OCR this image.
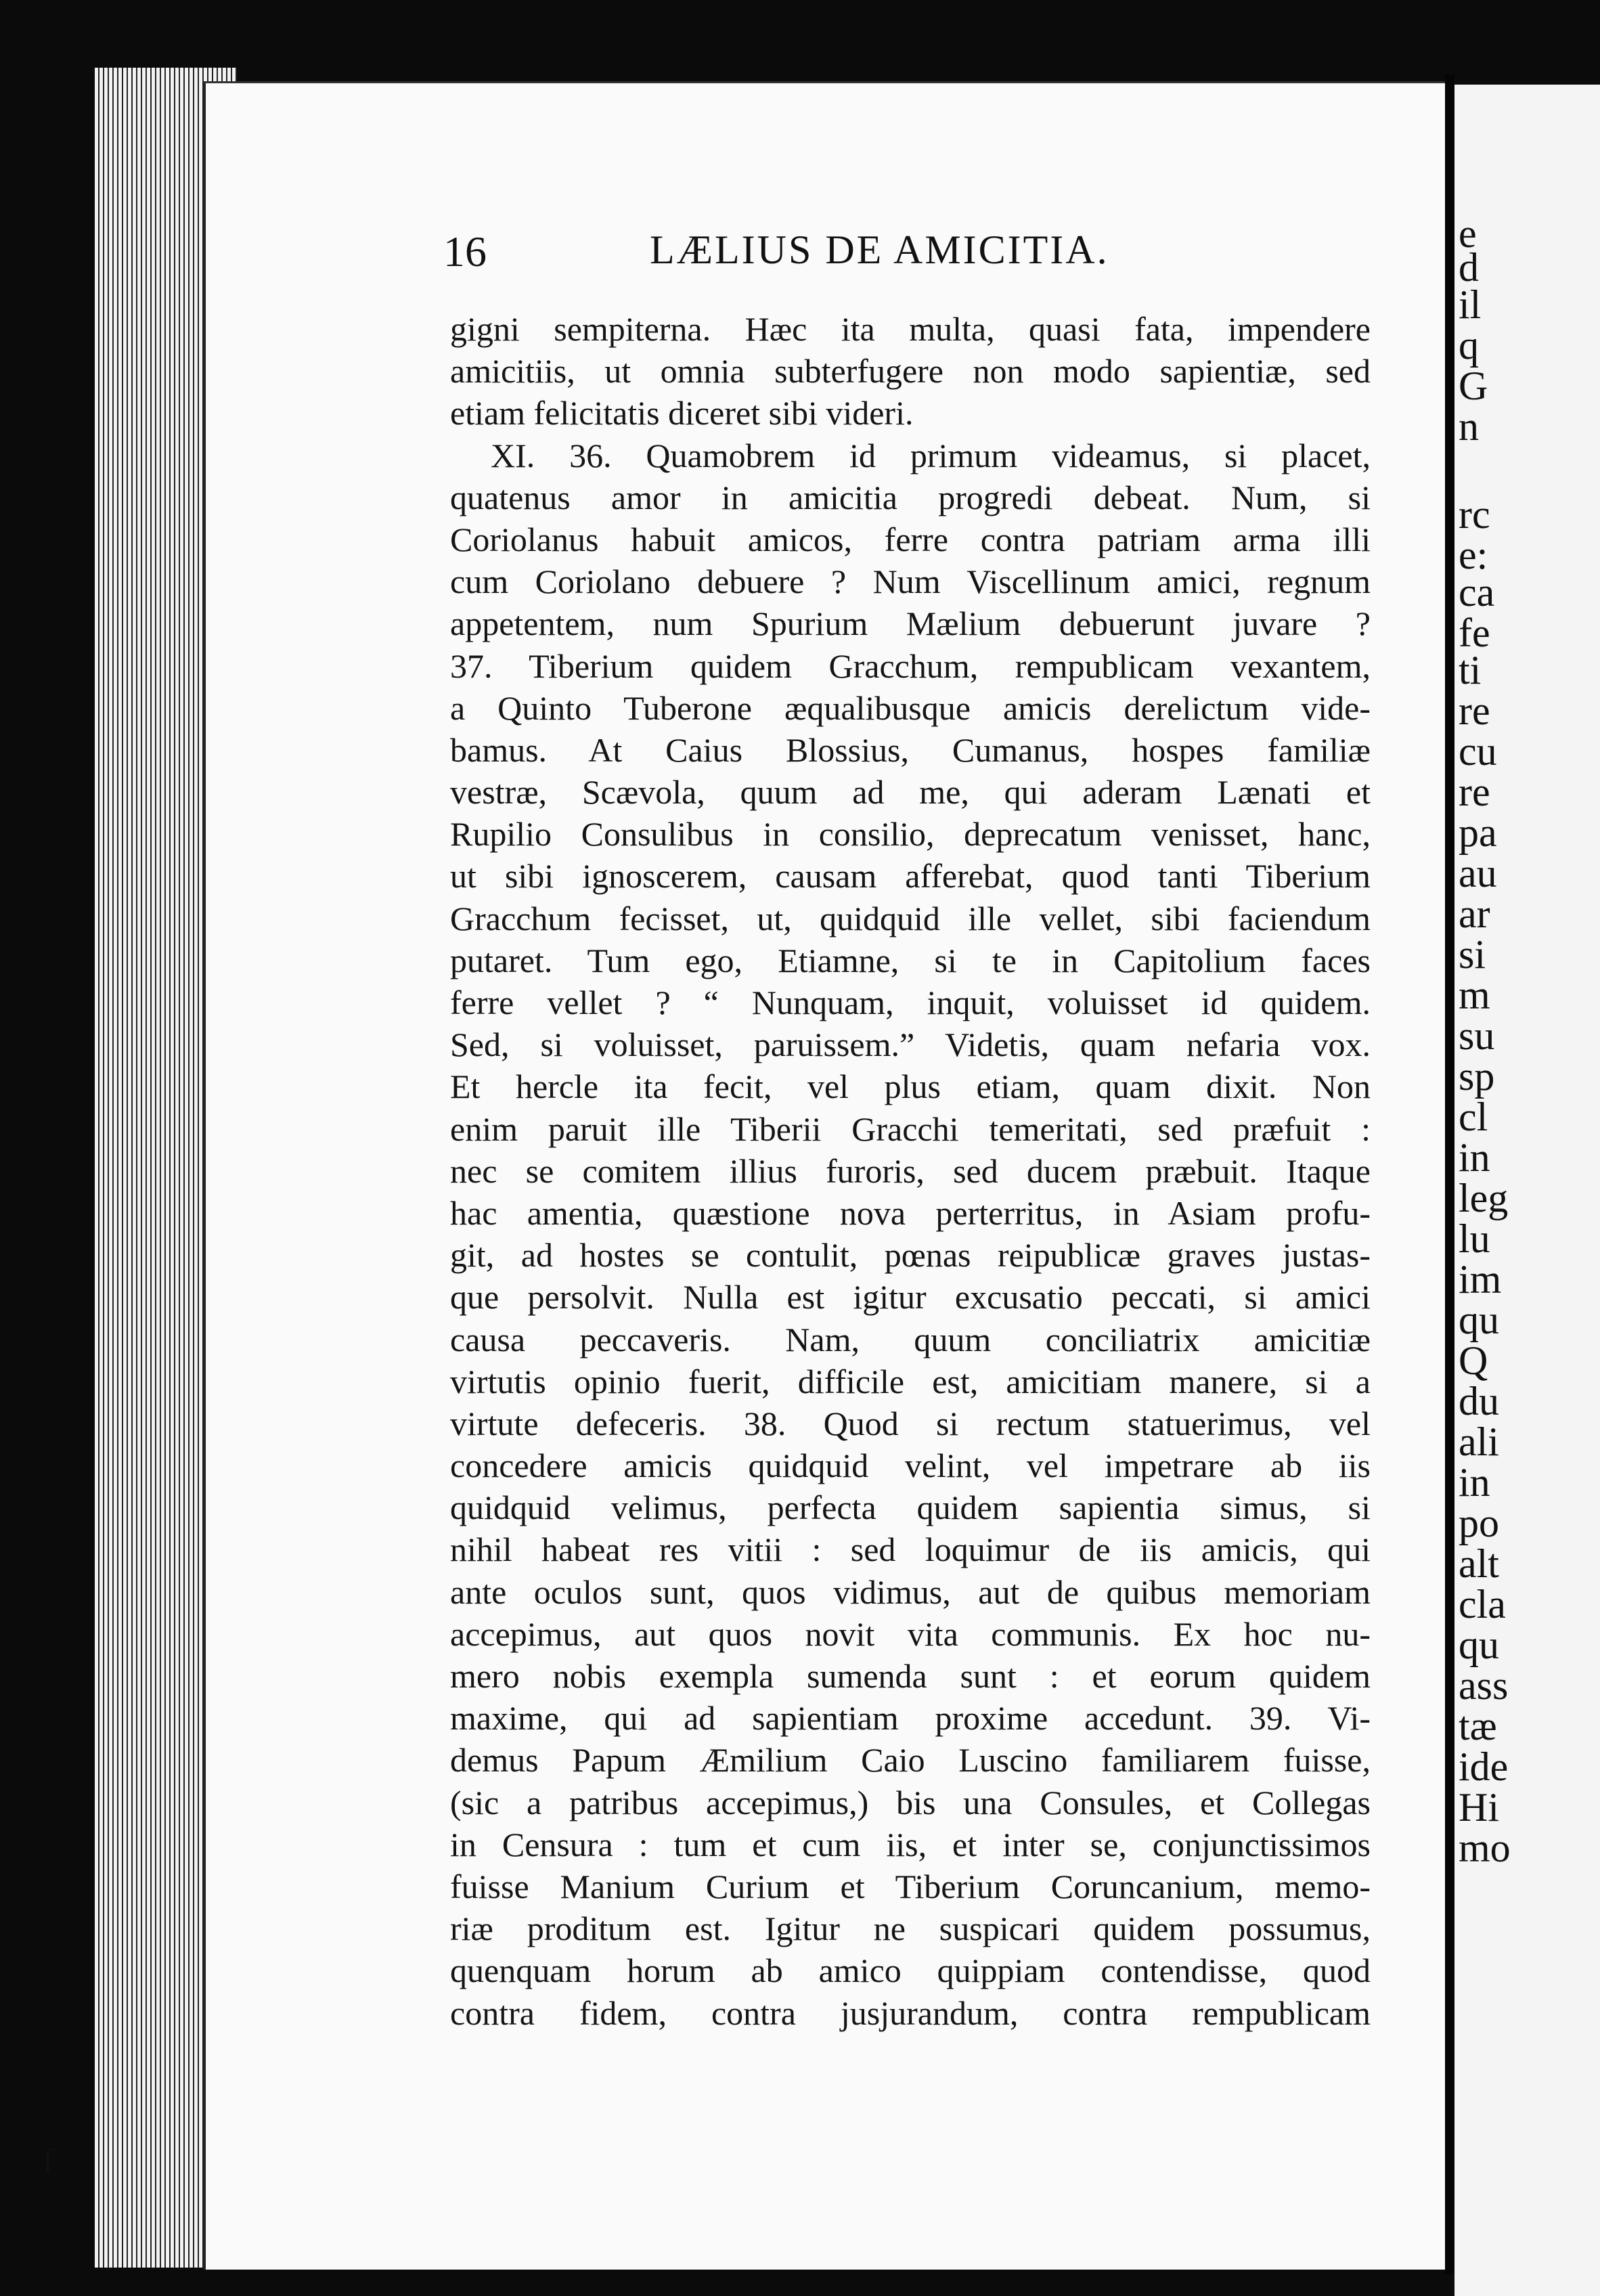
ſ
e
d
il
q
G
n
rc
e:
ca
fe
ti
re
cu
re
pa
au
ar
si
m
su
sp
cl
in
leg
lu
im
qu
Q
du
ali
in
po
alt
cla
qu
ass
tæ
ide
Hi
mo
16	LÆLIUS DE AMICITIA.
gigni sempiterna. Hæc ita multa, quasi fata, impendere
amicitiis, ut omnia subterfugere non modo sapientiæ, sed
etiam felicitatis diceret sibi videri.
XI. 36. Quamobrem id primum videamus, si placet,
quatenus amor in amicitia progredi debeat. Num, si
Coriolanus habuit amicos, ferre contra patriam arma illi
cum Coriolano debuere ? Num Viscellinum amici, regnum
appetentem, num Spurium Mælium debuerunt juvare ?
37. Tiberium quidem Gracchum, rempublicam vexantem,
a Quinto Tuberone æqualibusque amicis derelictum vide-
bamus. At Caius Blossius, Cumanus, hospes familiæ
vestræ, Scævola, quum ad me, qui aderam Lænati et
Rupilio Consulibus in consilio, deprecatum venisset, hanc,
ut sibi ignoscerem, causam afferebat, quod tanti Tiberium
Gracchum fecisset, ut, quidquid ille vellet, sibi faciendum
putaret. Tum ego, Etiamne, si te in Capitolium faces
ferre vellet ? “ Nunquam, inquit, voluisset id quidem.
Sed, si voluisset, paruissem.” Videtis, quam nefaria vox.
Et hercle ita fecit, vel plus etiam, quam dixit. Non
enim paruit ille Tiberii Gracchi temeritati, sed præfuit :
nec se comitem illius furoris, sed ducem præbuit. Itaque
hac amentia, quæstione nova perterritus, in Asiam profu-
git, ad hostes se contulit, pœnas reipublicæ graves justas-
que persolvit. Nulla est igitur excusatio peccati, si amici
causa peccaveris. Nam, quum conciliatrix amicitiæ
virtutis opinio fuerit, difficile est, amicitiam manere, si a
virtute defeceris. 38. Quod si rectum statuerimus, vel
concedere amicis quidquid velint, vel impetrare ab iis
quidquid velimus, perfecta quidem sapientia simus, si
nihil habeat res vitii : sed loquimur de iis amicis, qui
ante oculos sunt, quos vidimus, aut de quibus memoriam
accepimus, aut quos novit vita communis. Ex hoc nu-
mero nobis exempla sumenda sunt : et eorum quidem
maxime, qui ad sapientiam proxime accedunt. 39. Vi-
demus Papum Æmilium Caio Luscino familiarem fuisse,
(sic a patribus accepimus,) bis una Consules, et Collegas
in Censura : tum et cum iis, et inter se, conjunctissimos
fuisse Manium Curium et Tiberium Coruncanium, memo-
riæ proditum est. Igitur ne suspicari quidem possumus,
quenquam horum ab amico quippiam contendisse, quod
contra fidem, contra jusjurandum, contra rempublicam
